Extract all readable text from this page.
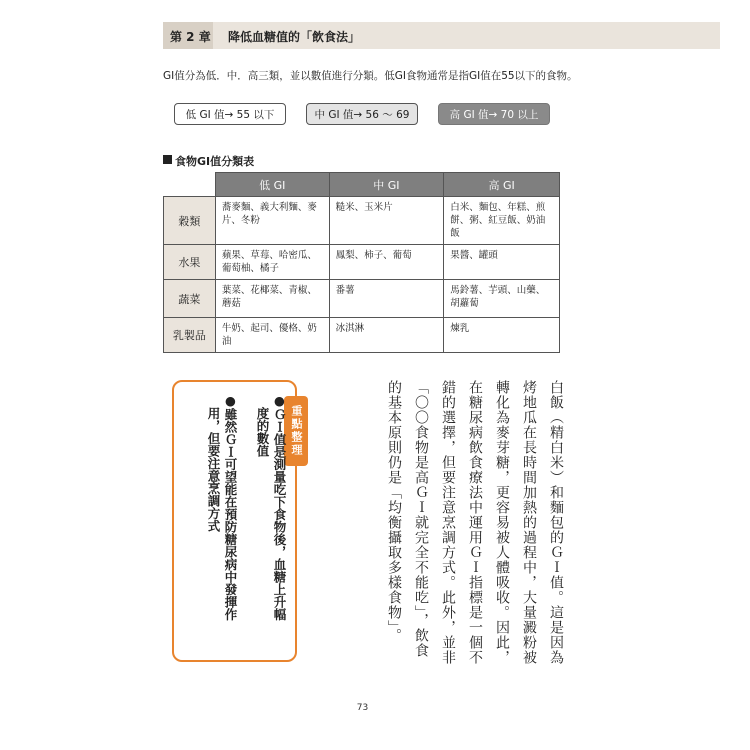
第 2 章 降低血糖值的「飲食法」
GI值分為低．中．高三類，並以數值進行分類。低GI食物通常是指GI值在55以下的食物。
低 GI 值→ 55 以下	中 GI 值→ 56 ～ 69	高 GI 值→ 70 以上
食物GI值分類表
	低 GI	中 GI	高 GI
穀類	蕎麥麵、義大利麵、麥片、冬粉	糙米、玉米片	白米、麵包、年糕、煎餅、粥、紅豆飯、奶油飯
水果	蘋果、草莓、哈密瓜、葡萄柚、橘子	鳳梨、柿子、葡萄	果醬、罐頭
蔬菜	葉菜、花椰菜、青椒、蘑菇	番薯	馬鈴薯、芋頭、山藥、胡蘿蔔
乳製品	牛奶、起司、優格、奶油	冰淇淋	煉乳
重點整理
●ＧＩ值是測量吃下食物後，血糖上升幅
度的數值
●雖然ＧＩ可望能在預防糖尿病中發揮作
用，但要注意烹調方式	白飯（精白米）和麵包的ＧＩ值。這是因為
烤地瓜在長時間加熱的過程中，大量澱粉被
轉化為麥芽糖，更容易被人體吸收。因此，
在糖尿病飲食療法中運用ＧＩ指標是一個不
錯的選擇，但要注意烹調方式。此外，並非
「〇〇食物是高ＧＩ就完全不能吃」，飲食
的基本原則仍是「均衡攝取多樣食物」。
73
